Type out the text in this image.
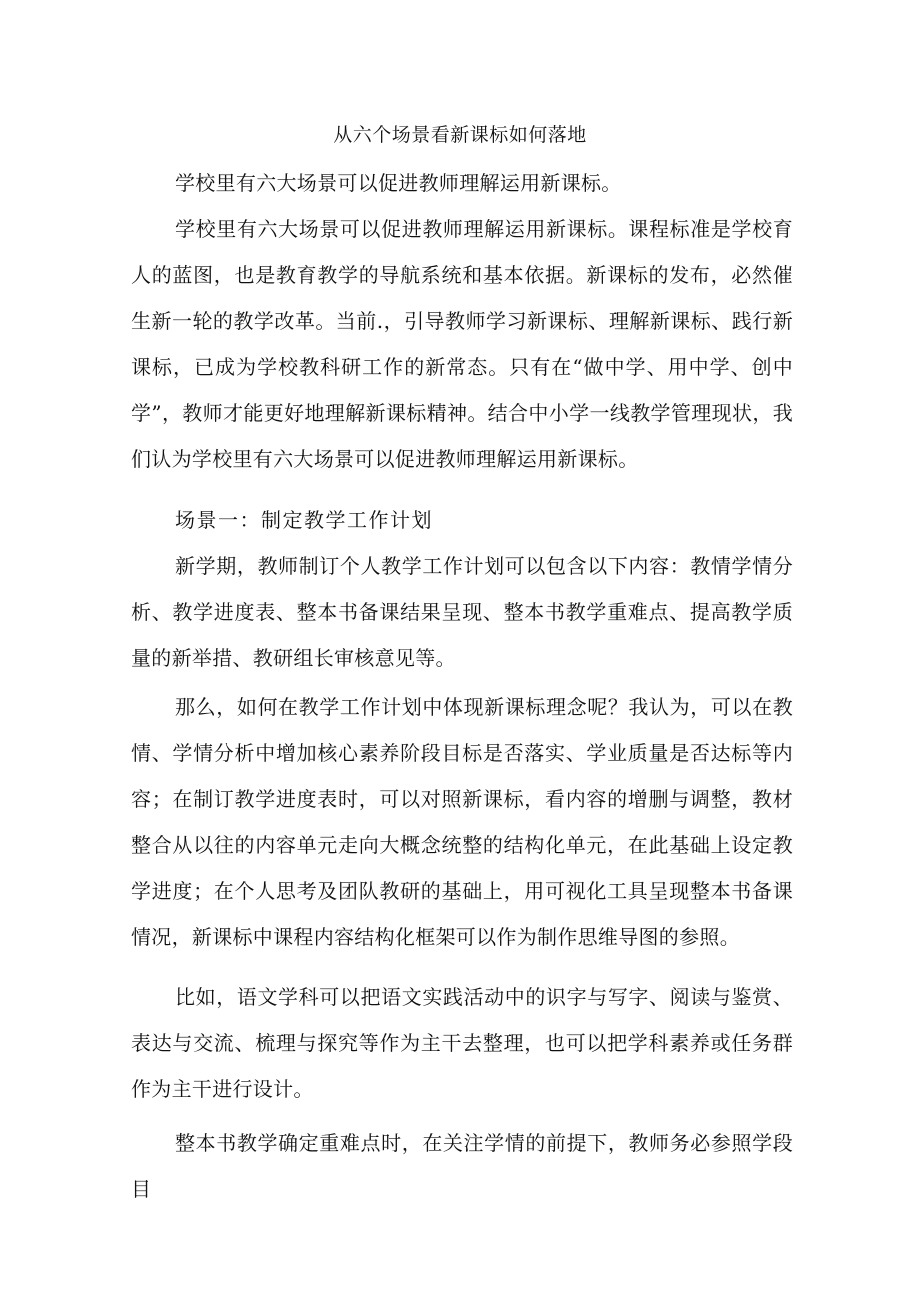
从六个场景看新课标如何落地

学校里有六大场景可以促进教师理解运用新课标。

学校里有六大场景可以促进教师理解运用新课标。课程标准是学校育人的蓝图，也是教育教学的导航系统和基本依据。新课标的发布，必然催生新一轮的教学改革。当前.，引导教师学习新课标、理解新课标、践行新课标，已成为学校教科研工作的新常态。只有在“做中学、用中学、创中学”，教师才能更好地理解新课标精神。结合中小学一线教学管理现状，我们认为学校里有六大场景可以促进教师理解运用新课标。

场景一：制定教学工作计划

新学期，教师制订个人教学工作计划可以包含以下内容：教情学情分析、教学进度表、整本书备课结果呈现、整本书教学重难点、提高教学质量的新举措、教研组长审核意见等。

那么，如何在教学工作计划中体现新课标理念呢？我认为，可以在教情、学情分析中增加核心素养阶段目标是否落实、学业质量是否达标等内容；在制订教学进度表时，可以对照新课标，看内容的增删与调整，教材整合从以往的内容单元走向大概念统整的结构化单元，在此基础上设定教学进度；在个人思考及团队教研的基础上，用可视化工具呈现整本书备课情况，新课标中课程内容结构化框架可以作为制作思维导图的参照。

比如，语文学科可以把语文实践活动中的识字与写字、阅读与鉴赏、表达与交流、梳理与探究等作为主干去整理，也可以把学科素养或任务群作为主干进行设计。

整本书教学确定重难点时，在关注学情的前提下，教师务必参照学段目
